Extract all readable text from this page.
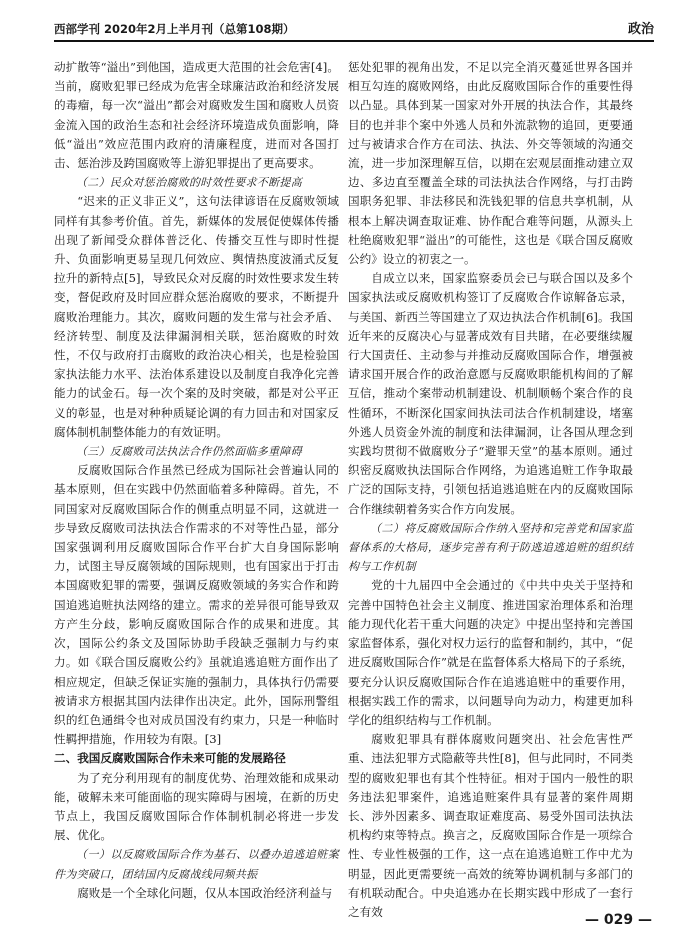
西部学刊 2020年2月上半月刊（总第108期）	政治

动扩散等“溢出”到他国，造成更大范围的社会危害[4]。当前，腐败犯罪已经成为危害全球廉洁政治和经济发展的毒瘤，每一次“溢出”都会对腐败发生国和腐败人员资金流入国的政治生态和社会经济环境造成负面影响，降低“溢出”效应范围内政府的清廉程度，进而对各国打击、惩治涉及跨国腐败等上游犯罪提出了更高要求。

（二）民众对惩治腐败的时效性要求不断提高

“迟来的正义非正义”，这句法律谚语在反腐败领域同样有其参考价值。首先，新媒体的发展促使媒体传播出现了新闻受众群体普泛化、传播交互性与即时性提升、负面影响更易呈现几何效应、舆情热度波涌式反复拉升的新特点[5]，导致民众对反腐的时效性要求发生转变，督促政府及时回应群众惩治腐败的要求，不断提升腐败治理能力。其次，腐败问题的发生常与社会矛盾、经济转型、制度及法律漏洞相关联，惩治腐败的时效性，不仅与政府打击腐败的政治决心相关，也是检验国家执法能力水平、法治体系建设以及制度自我净化完善能力的试金石。每一次个案的及时突破，都是对公平正义的彰显，也是对种种质疑论调的有力回击和对国家反腐体制机制整体能力的有效证明。

（三）反腐败司法执法合作仍然面临多重障碍

反腐败国际合作虽然已经成为国际社会普遍认同的基本原则，但在实践中仍然面临着多种障碍。首先，不同国家对反腐败国际合作的侧重点明显不同，这就进一步导致反腐败司法执法合作需求的不对等性凸显，部分国家强调利用反腐败国际合作平台扩大自身国际影响力，试图主导反腐领域的国际规则，也有国家出于打击本国腐败犯罪的需要，强调反腐败领域的务实合作和跨国追逃追赃执法网络的建立。需求的差异很可能导致双方产生分歧，影响反腐败国际合作的成果和进度。其次，国际公约条文及国际协助手段缺乏强制力与约束力。如《联合国反腐败公约》虽就追逃追赃方面作出了相应规定，但缺乏保证实施的强制力，具体执行仍需要被请求方根据其国内法律作出决定。此外，国际刑警组织的红色通缉令也对成员国没有约束力，只是一种临时性羁押措施，作用较为有限。[3]

二、我国反腐败国际合作未来可能的发展路径

为了充分利用现有的制度优势、治理效能和成果动能，破解未来可能面临的现实障碍与困境，在新的历史节点上，我国反腐败国际合作体制机制必将进一步发展、优化。

（一）以反腐败国际合作为基石、以叠办追逃追赃案件为突破口，团结国内反腐战线同频共振

腐败是一个全球化问题，仅从本国政治经济利益与

惩处犯罪的视角出发，不足以完全消灭蔓延世界各国并相互勾连的腐败网络，由此反腐败国际合作的重要性得以凸显。具体到某一国家对外开展的执法合作，其最终目的也并非个案中外逃人员和外流款物的追回，更要通过与被请求合作方在司法、执法、外交等领域的沟通交流，进一步加深理解互信，以期在宏观层面推动建立双边、多边直至覆盖全球的司法执法合作网络，与打击跨国职务犯罪、非法移民和洗钱犯罪的信息共享机制，从根本上解决调查取证难、协作配合难等问题，从源头上杜绝腐败犯罪“溢出”的可能性，这也是《联合国反腐败公约》设立的初衷之一。

自成立以来，国家监察委员会已与联合国以及多个国家执法或反腐败机构签订了反腐败合作谅解备忘录，与美国、新西兰等国建立了双边执法合作机制[6]。我国近年来的反腐决心与显著成效有目共睹，在必要继续履行大国责任、主动参与并推动反腐败国际合作，增强被请求国开展合作的政治意愿与反腐败职能机构间的了解互信，推动个案带动机制建设、机制顺畅个案合作的良性循环，不断深化国家间执法司法合作机制建设，堵塞外逃人员资金外流的制度和法律漏洞，让各国从理念到实践均贯彻不做腐败分子“避罪天堂”的基本原则。通过织密反腐败执法国际合作网络，为追逃追赃工作争取最广泛的国际支持，引领包括追逃追赃在内的反腐败国际合作继续朝着务实合作方向发展。

（二）将反腐败国际合作纳入坚持和完善党和国家监督体系的大格局，逐步完善有利于防逃追逃追赃的组织结构与工作机制

党的十九届四中全会通过的《中共中央关于坚持和完善中国特色社会主义制度、推进国家治理体系和治理能力现代化若干重大问题的决定》中提出坚持和完善国家监督体系，强化对权力运行的监督和制约，其中，“促进反腐败国际合作”就是在监督体系大格局下的子系统，要充分认识反腐败国际合作在追逃追赃中的重要作用，根据实践工作的需求，以问题导向为动力，构建更加科学化的组织结构与工作机制。

腐败犯罪具有群体腐败问题突出、社会危害性严重、违法犯罪方式隐蔽等共性[8]，但与此同时，不同类型的腐败犯罪也有其个性特征。相对于国内一般性的职务违法犯罪案件，追逃追赃案件具有显著的案件周期长、涉外因素多、调查取证难度高、易受外国司法执法机构约束等特点。换言之，反腐败国际合作是一项综合性、专业性极强的工作，这一点在追逃追赃工作中尤为明显，因此更需要统一高效的统筹协调机制与多部门的有机联动配合。中央追逃办在长期实践中形成了一套行之有效

— 029 —
